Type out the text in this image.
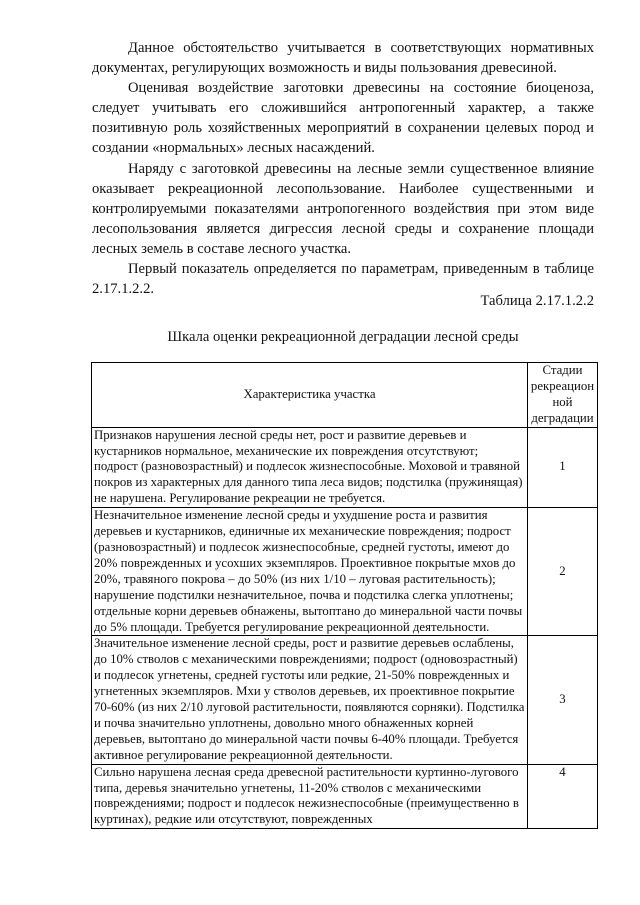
Данное обстоятельство учитывается в соответствующих нормативных документах, регулирующих возможность и виды пользования древесиной.

Оценивая воздействие заготовки древесины на состояние биоценоза, следует учитывать его сложившийся антропогенный характер, а также позитивную роль хозяйственных мероприятий в сохранении целевых пород и создании «нормальных» лесных насаждений.

Наряду с заготовкой древесины на лесные земли существенное влияние оказывает рекреационной лесопользование. Наиболее существенными и контролируемыми показателями антропогенного воздействия при этом виде лесопользования является дигрессия лесной среды и сохранение площади лесных земель в составе лесного участка.

Первый показатель определяется по параметрам, приведенным в таблице 2.17.1.2.2.

Таблица 2.17.1.2.2
Шкала оценки рекреационной деградации лесной среды
Характеристика участка	Стадии рекреацион ной деградации
Признаков нарушения лесной среды нет, рост и развитие деревьев и кустарников нормальное, механические их повреждения отсутствуют; подрост (разновозрастный) и подлесок жизнеспособные. Моховой и травяной покров из характерных для данного типа леса видов; подстилка (пружинящая) не нарушена. Регулирование рекреации не требуется.	1
Незначительное изменение лесной среды и ухудшение роста и развития деревьев и кустарников, единичные их механические повреждения; подрост (разновозрастный) и подлесок жизнеспособные, средней густоты, имеют до 20% поврежденных и усохших экземпляров. Проективное покрытые мхов до 20%, травяного покрова – до 50% (из них 1/10 – луговая растительность); нарушение подстилки незначительное, почва и подстилка слегка уплотнены; отдельные корни деревьев обнажены, вытоптано до минеральной части почвы до 5% площади. Требуется регулирование рекреационной деятельности.	2
Значительное изменение лесной среды, рост и развитие деревьев ослаблены, до 10% стволов с механическими повреждениями; подрост (одновозрастный) и подлесок угнетены, средней густоты или редкие, 21-50% поврежденных и угнетенных экземпляров. Мхи у стволов деревьев, их проективное покрытие 70-60% (из них 2/10 луговой растительности, появляются сорняки). Подстилка и почва значительно уплотнены, довольно много обнаженных корней деревьев, вытоптано до минеральной части почвы 6-40% площади. Требуется активное регулирование рекреационной деятельности.	3
Сильно нарушена лесная среда древесной растительности куртинно-лугового типа, деревья значительно угнетены, 11-20% стволов с механическими повреждениями; подрост и подлесок нежизнеспособные (преимущественно в куртинах), редкие или отсутствуют, поврежденных	4
